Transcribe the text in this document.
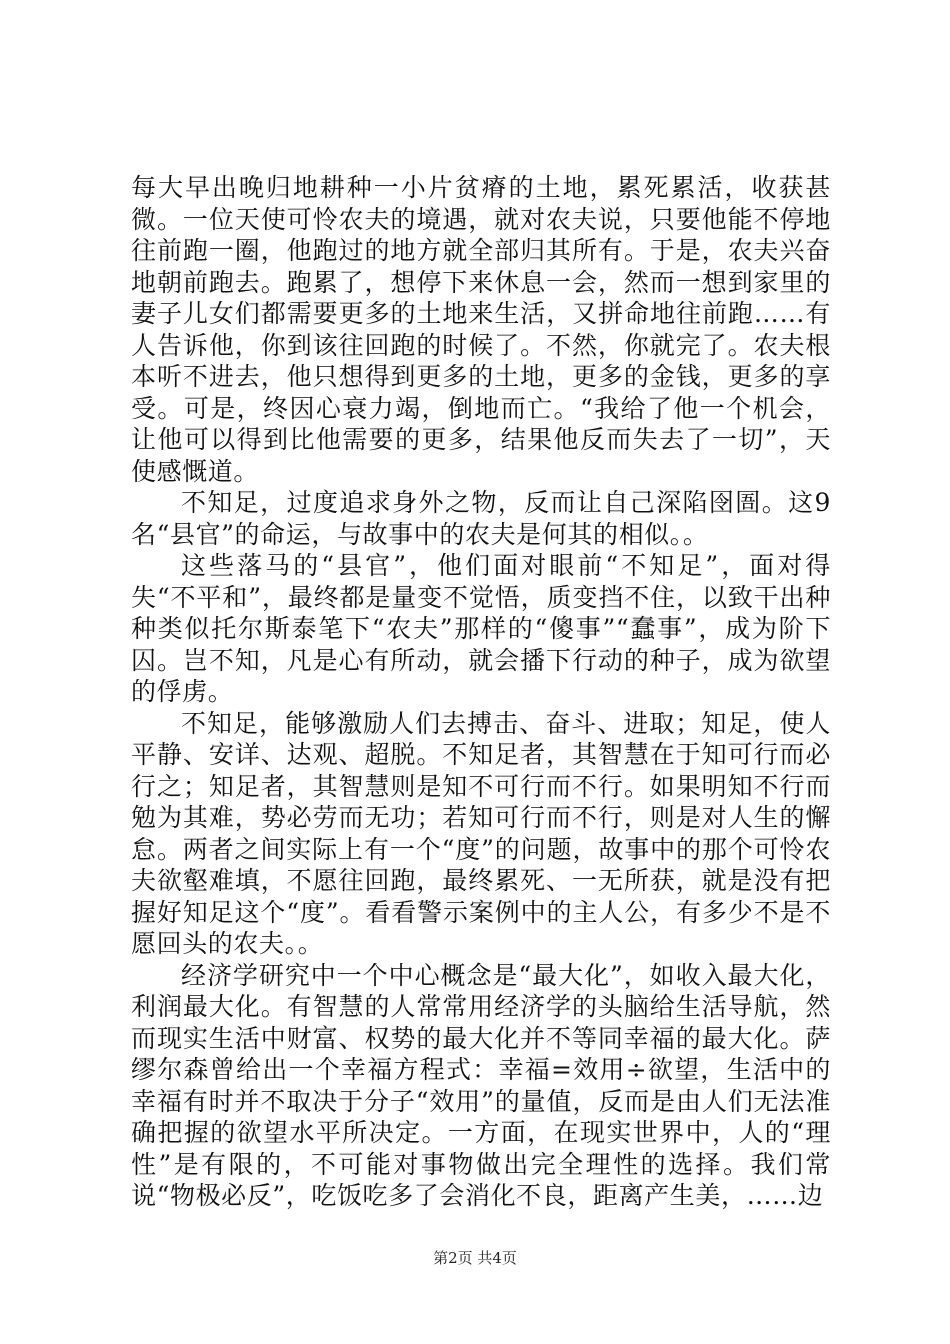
每大早出晚归地耕种一小片贫瘠的土地，累死累活，收获甚微。一位天使可怜农夫的境遇，就对农夫说，只要他能不停地往前跑一圈，他跑过的地方就全部归其所有。于是，农夫兴奋地朝前跑去。跑累了，想停下来休息一会，然而一想到家里的妻子儿女们都需要更多的土地来生活，又拼命地往前跑……有人告诉他，你到该往回跑的时候了。不然，你就完了。农夫根本听不进去，他只想得到更多的土地，更多的金钱，更多的享受。可是，终因心衰力竭，倒地而亡。“我给了他一个机会，让他可以得到比他需要的更多，结果他反而失去了一切”，天使感慨道。

不知足，过度追求身外之物，反而让自己深陷囹圄。这9名“县官”的命运，与故事中的农夫是何其的相似。。

这些落马的“县官”，他们面对眼前“不知足”，面对得失“不平和”，最终都是量变不觉悟，质变挡不住，以致干出种种类似托尔斯泰笔下“农夫”那样的“傻事”“蠢事”，成为阶下囚。岂不知，凡是心有所动，就会播下行动的种子，成为欲望的俘虏。

不知足，能够激励人们去搏击、奋斗、进取；知足，使人平静、安详、达观、超脱。不知足者，其智慧在于知可行而必行之；知足者，其智慧则是知不可行而不行。如果明知不行而勉为其难，势必劳而无功；若知可行而不行，则是对人生的懈怠。两者之间实际上有一个“度”的问题，故事中的那个可怜农夫欲壑难填，不愿往回跑，最终累死、一无所获，就是没有把握好知足这个“度”。看看警示案例中的主人公，有多少不是不愿回头的农夫。。

经济学研究中一个中心概念是“最大化”，如收入最大化，利润最大化。有智慧的人常常用经济学的头脑给生活导航，然而现实生活中财富、权势的最大化并不等同幸福的最大化。萨缪尔森曾给出一个幸福方程式：幸福=效用÷欲望，生活中的幸福有时并不取决于分子“效用”的量值，反而是由人们无法准确把握的欲望水平所决定。一方面，在现实世界中，人的“理性”是有限的，不可能对事物做出完全理性的选择。我们常说“物极必反”，吃饭吃多了会消化不良，距离产生美，……边

第2页 共4页
